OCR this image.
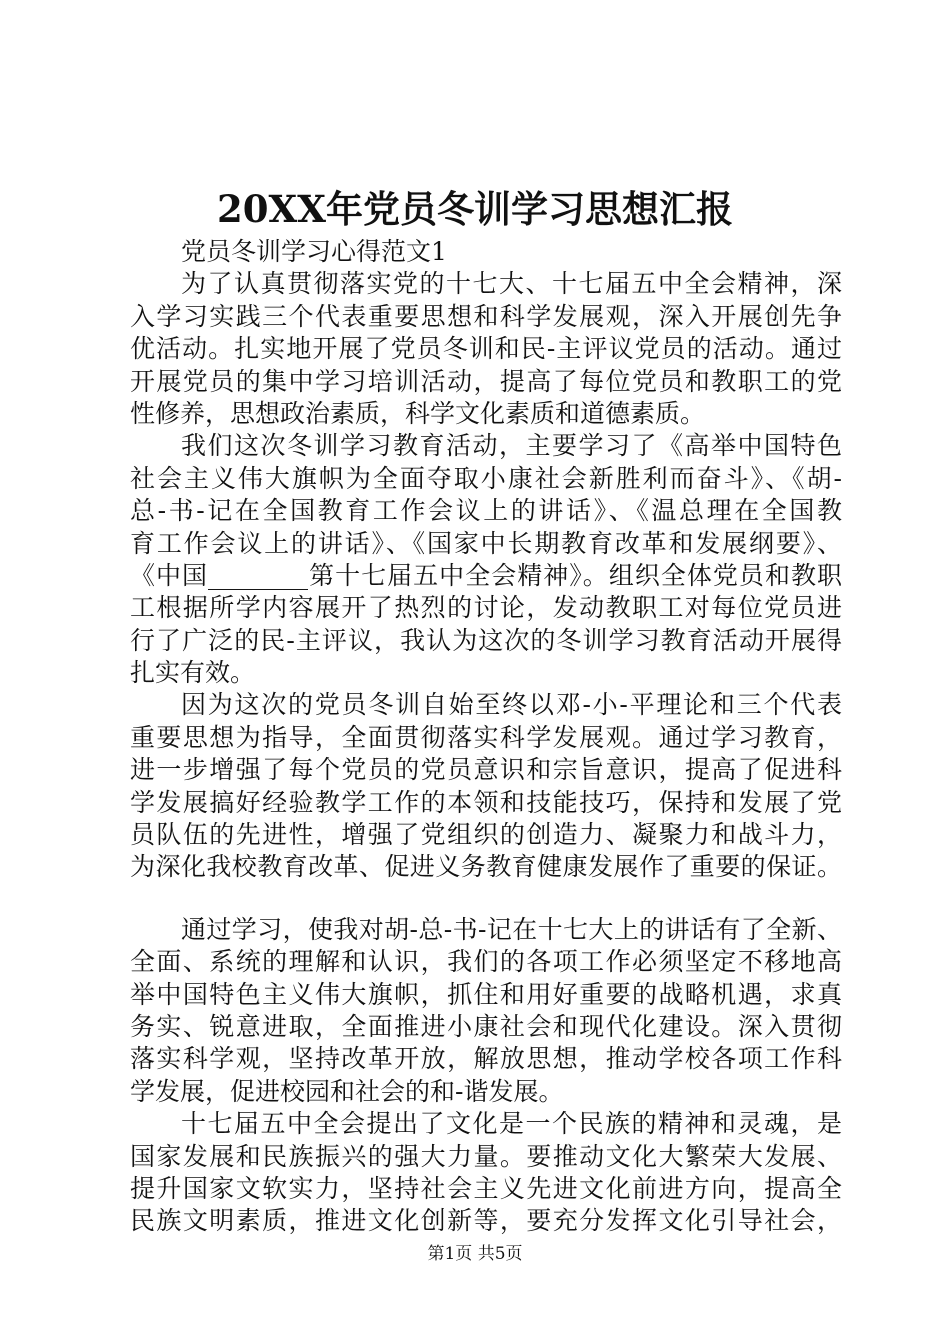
20XX年党员冬训学习思想汇报
党员冬训学习心得范文1
为了认真贯彻落实党的十七大、十七届五中全会精神，深
入学习实践三个代表重要思想和科学发展观，深入开展创先争
优活动。扎实地开展了党员冬训和民-主评议党员的活动。通过
开展党员的集中学习培训活动，提高了每位党员和教职工的党
性修养，思想政治素质，科学文化素质和道德素质。
我们这次冬训学习教育活动，主要学习了《高举中国特色
社会主义伟大旗帜为全面夺取小康社会新胜利而奋斗》、《胡-
总-书-记在全国教育工作会议上的讲话》、《温总理在全国教
育工作会议上的讲话》、《国家中长期教育改革和发展纲要》、
《中国________第十七届五中全会精神》。组织全体党员和教职
工根据所学内容展开了热烈的讨论，发动教职工对每位党员进
行了广泛的民-主评议，我认为这次的冬训学习教育活动开展得
扎实有效。
因为这次的党员冬训自始至终以邓-小-平理论和三个代表
重要思想为指导，全面贯彻落实科学发展观。通过学习教育，
进一步增强了每个党员的党员意识和宗旨意识，提高了促进科
学发展搞好经验教学工作的本领和技能技巧，保持和发展了党
员队伍的先进性，增强了党组织的创造力、凝聚力和战斗力，
为深化我校教育改革、促进义务教育健康发展作了重要的保证。
通过学习，使我对胡-总-书-记在十七大上的讲话有了全新、
全面、系统的理解和认识，我们的各项工作必须坚定不移地高
举中国特色主义伟大旗帜，抓住和用好重要的战略机遇，求真
务实、锐意进取，全面推进小康社会和现代化建设。深入贯彻
落实科学观，坚持改革开放，解放思想，推动学校各项工作科
学发展，促进校园和社会的和-谐发展。
十七届五中全会提出了文化是一个民族的精神和灵魂，是
国家发展和民族振兴的强大力量。要推动文化大繁荣大发展、
提升国家文软实力，坚持社会主义先进文化前进方向，提高全
民族文明素质，推进文化创新等，要充分发挥文化引导社会，
第1页 共5页
